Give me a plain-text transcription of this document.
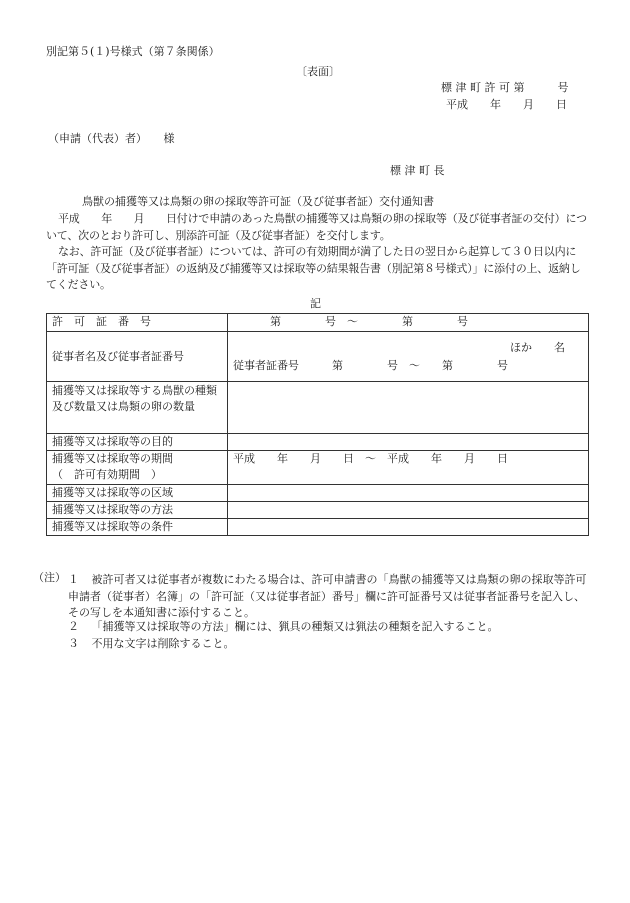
別記第５(１)号様式（第７条関係）
〔表面〕
標 津 町 許 可 第　　　号
平成　　年　　月　　日
（申請（代表）者）　　様
標 津 町 長
鳥獣の捕獲等又は鳥類の卵の採取等許可証（及び従事者証）交付通知書
平成　　年　　月　　日付けで申請のあった鳥獣の捕獲等又は鳥類の卵の採取等（及び従事者証の交付）について、次のとおり許可し、別添許可証（及び従事者証）を交付します。
なお、許可証（及び従事者証）については、許可の有効期間が満了した日の翌日から起算して３０日以内に「許可証（及び従事者証）の返納及び捕獲等又は採取等の結果報告書（別記第８号様式）」に添付の上、返納してください。
記
許　可　証　番　号	第　　　　号　～　　　　第　　　　号
従事者名及び従事者証番号	ほか　　名
従事者証番号　　　第　　　　号　～　　第　　　　号

捕獲等又は採取等する鳥獣の種類及び数量又は鳥類の卵の数量	
捕獲等又は採取等の目的	

捕獲等又は採取等の期間
（　許可有効期間　）	平成　　年　　月　　日　～　平成　　年　　月　　日
捕獲等又は採取等の区域	
捕獲等又は採取等の方法	
捕獲等又は採取等の条件	
（注） １ 被許可者又は従事者が複数にわたる場合は、許可申請書の「鳥獣の捕獲等又は鳥類の卵の採取等許可申請者（従事者）名簿」の「許可証（又は従事者証）番号」欄に許可証番号又は従事者証番号を記入し、その写しを本通知書に添付すること。
２ 「捕獲等又は採取等の方法」欄には、猟具の種類又は猟法の種類を記入すること。
３ 不用な文字は削除すること。
